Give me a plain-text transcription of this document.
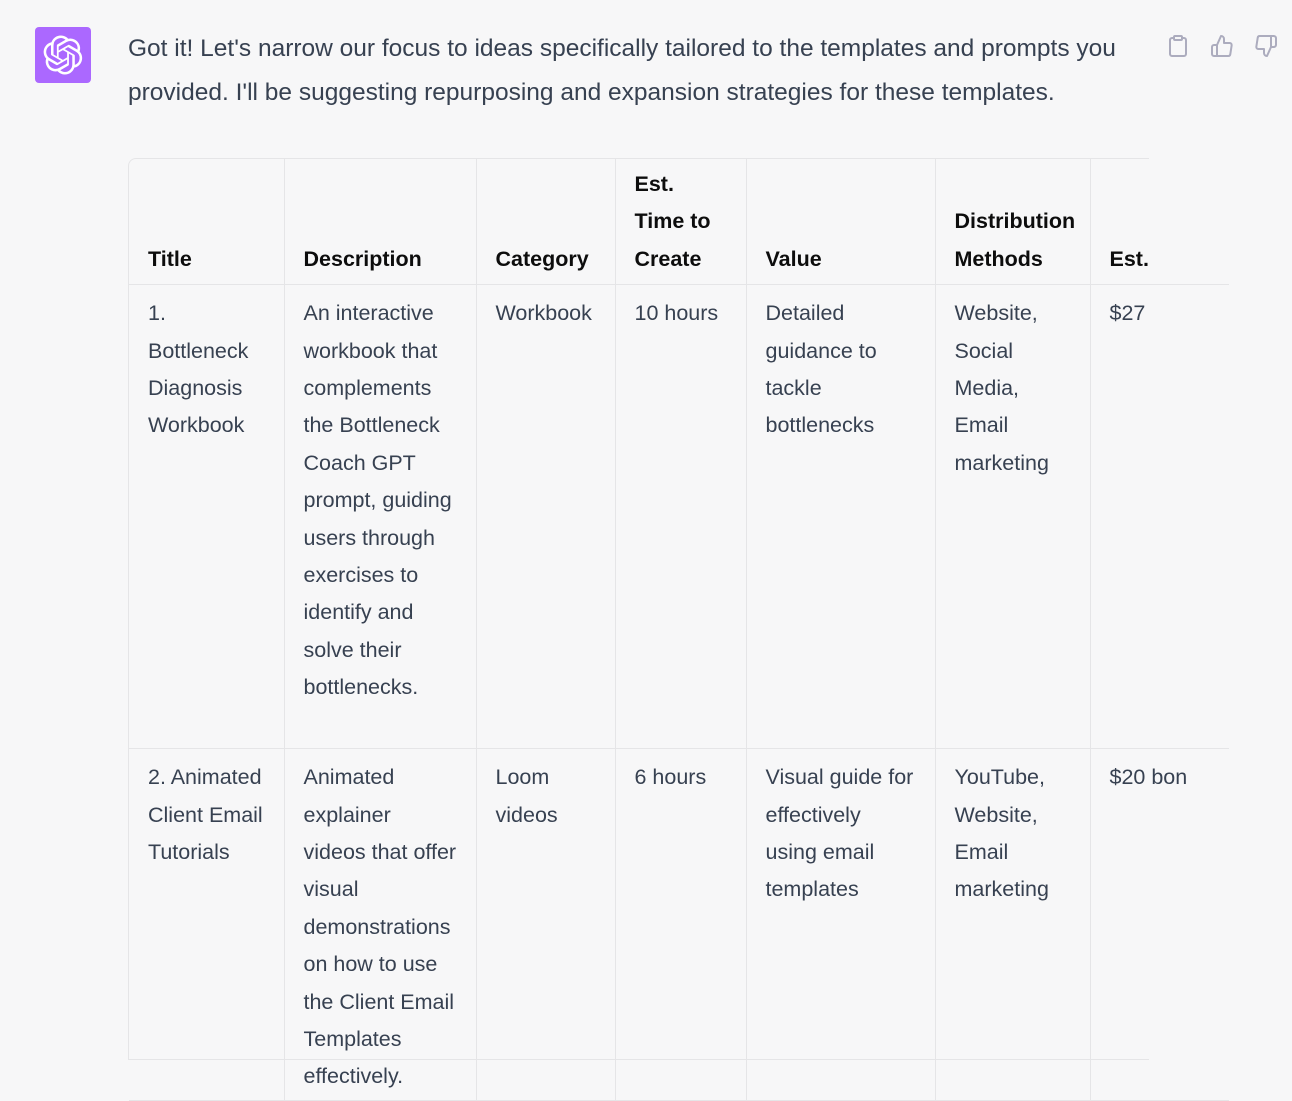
Got it! Let's narrow our focus to ideas specifically tailored to the templates and prompts you provided. I'll be suggesting repurposing and expansion strategies for these templates.
Title	Description	Category	Est. Time to Create	Value	Distribution Methods	Est.
1. Bottleneck Diagnosis Workbook	An interactive workbook that complements the Bottleneck Coach GPT prompt, guiding users through exercises to identify and solve their bottlenecks.	Workbook	10 hours	Detailed guidance to tackle bottlenecks	Website, Social Media, Email marketing	$27
2. Animated Client Email Tutorials	Animated explainer videos that offer visual demonstrations on how to use the Client Email Templates effectively.	Loom videos	6 hours	Visual guide for effectively using email templates	YouTube, Website, Email marketing	$20 bon
